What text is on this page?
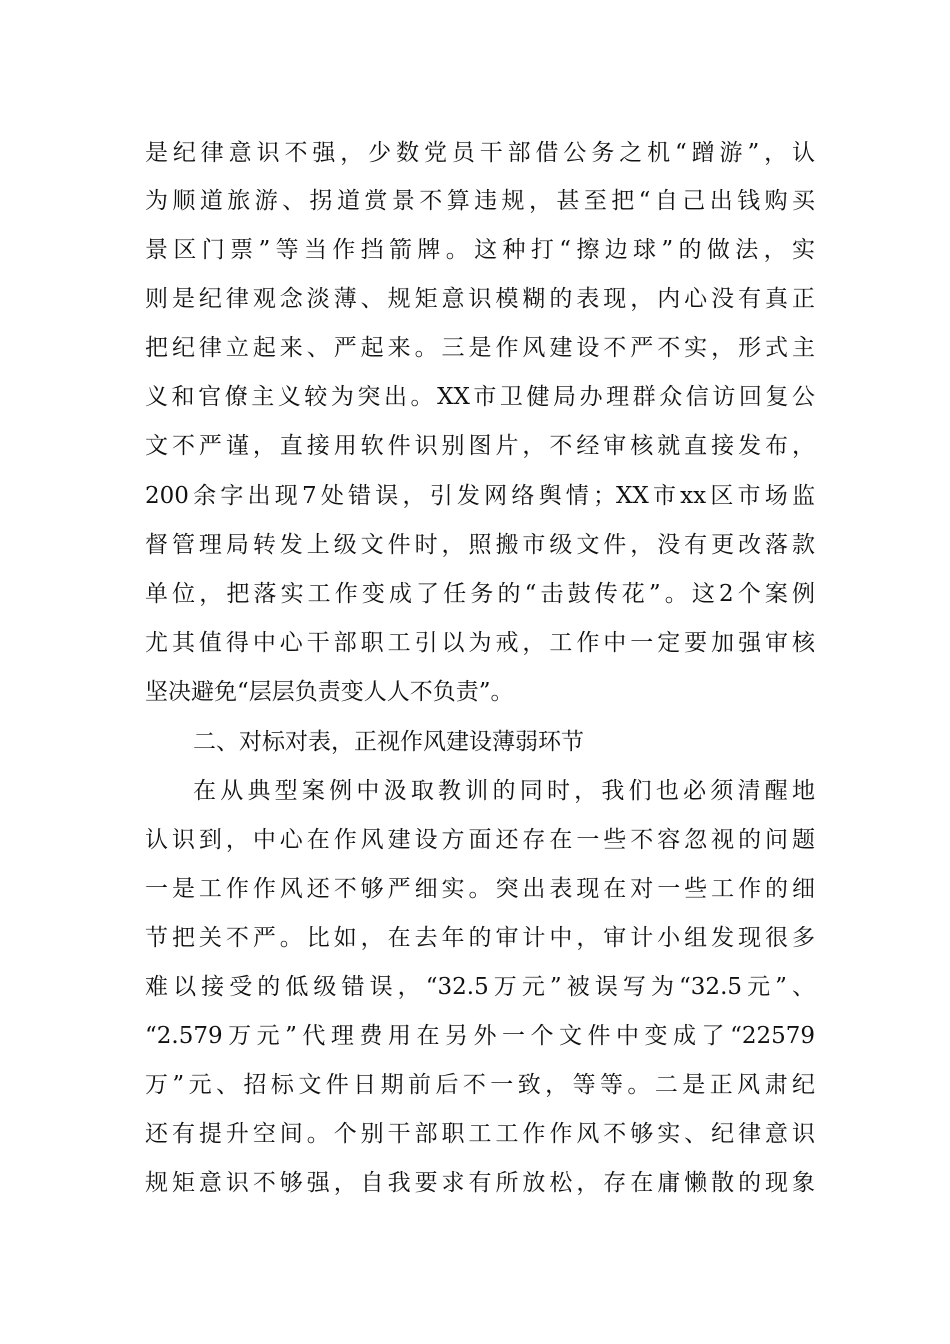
是纪律意识不强，少数党员干部借公务之机“蹭游”，认
为顺道旅游、拐道赏景不算违规，甚至把“自己出钱购买
景区门票”等当作挡箭牌。这种打“擦边球”的做法，实
则是纪律观念淡薄、规矩意识模糊的表现，内心没有真正
把纪律立起来、严起来。三是作风建设不严不实，形式主
义和官僚主义较为突出。XX市卫健局办理群众信访回复公
文不严谨，直接用软件识别图片，不经审核就直接发布，
200余字出现7处错误，引发网络舆情；XX市xx区市场监
督管理局转发上级文件时，照搬市级文件，没有更改落款
单位，把落实工作变成了任务的“击鼓传花”。这2个案例
尤其值得中心干部职工引以为戒，工作中一定要加强审核
坚决避免“层层负责变人人不负责”。
二、对标对表，正视作风建设薄弱环节
在从典型案例中汲取教训的同时，我们也必须清醒地
认识到，中心在作风建设方面还存在一些不容忽视的问题
一是工作作风还不够严细实。突出表现在对一些工作的细
节把关不严。比如，在去年的审计中，审计小组发现很多
难以接受的低级错误，“32.5万元”被误写为“32.5元”、
“2.579万元”代理费用在另外一个文件中变成了“22579
万”元、招标文件日期前后不一致，等等。二是正风肃纪
还有提升空间。个别干部职工工作作风不够实、纪律意识
规矩意识不够强，自我要求有所放松，存在庸懒散的现象
